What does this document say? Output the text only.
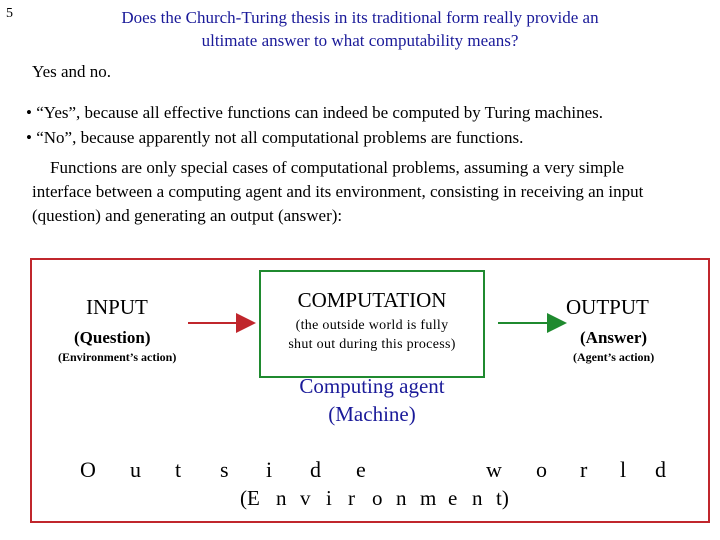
5	Does the Church-Turing thesis in its traditional form really provide an
ultimate answer to what computability means?
Yes and no.
• “Yes”, because all effective functions can indeed be computed by Turing machines.
• “No”, because apparently not all computational problems are functions.
Functions are only special cases of computational problems, assuming a very simple interface between a computing agent and its environment, consisting in receiving an input (question) and generating an output (answer):
INPUT
(Question)
(Environment’s action)
COMPUTATION
(the outside world is fully
shut out during this process)
OUTPUT
(Answer)
(Agent’s action)
Computing agent
(Machine)
O u t s i d e	w o r l d
(E n v i r o n m e n t)
